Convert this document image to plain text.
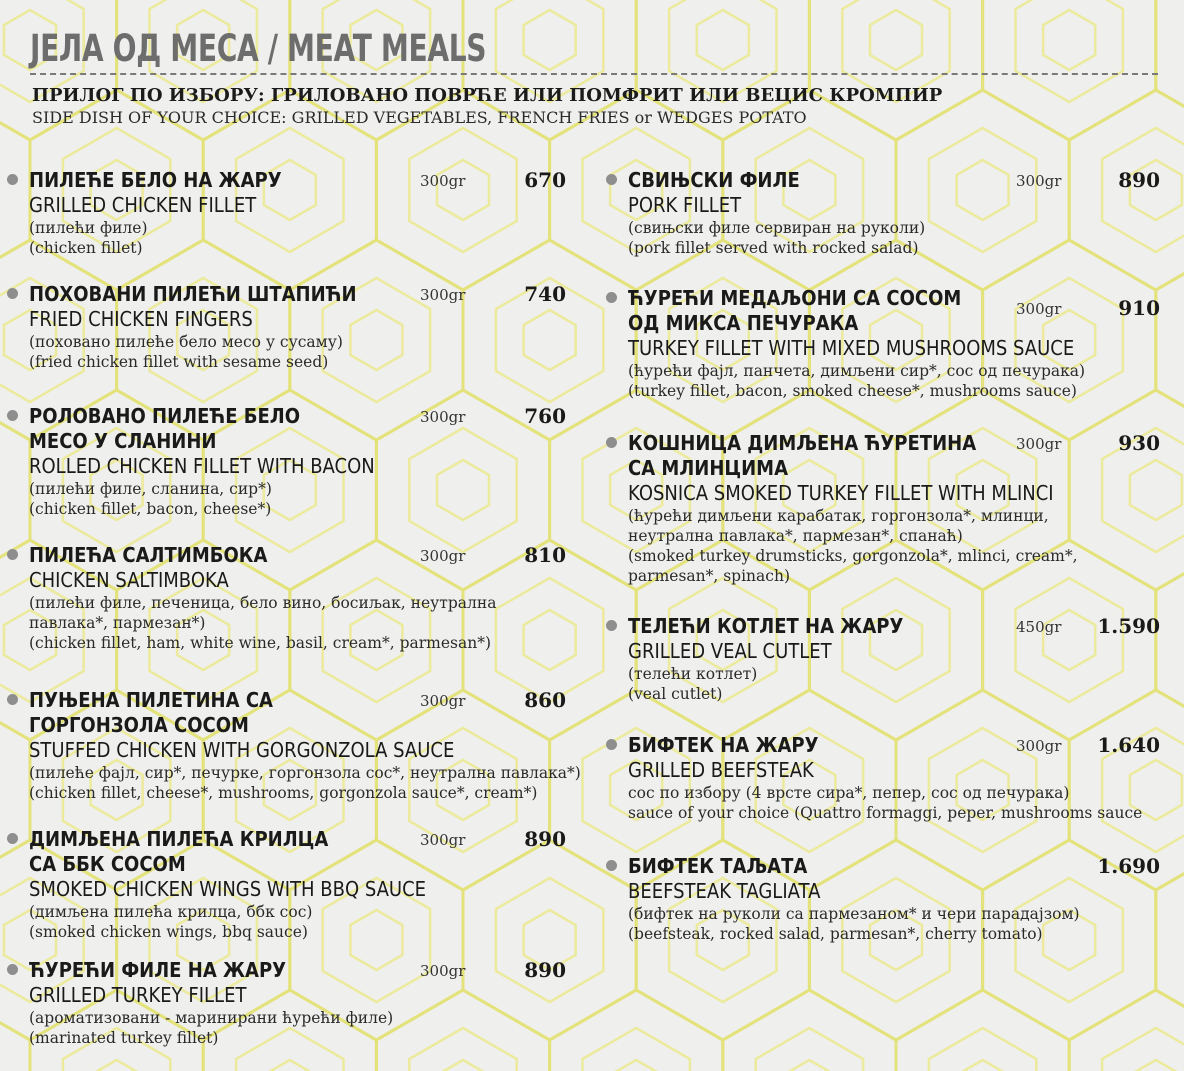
ЈЕЛА ОД МЕСА / MEAT MEALS
ПРИЛОГ ПО ИЗБОРУ: ГРИЛОВАНО ПОВРЋЕ ИЛИ ПОМФРИТ ИЛИ ВЕЦИС КРОМПИР
SIDE DISH OF YOUR CHOICE: GRILLED VEGETABLES, FRENCH FRIES or WEDGES POTATO
ПИЛЕЋЕ БЕЛО НА ЖАРУ
GRILLED CHICKEN FILLET
(пилећи филе)
(chicken fillet)
300gr	670
ПОХОВАНИ ПИЛЕЋИ ШТАПИЋИ
FRIED CHICKEN FINGERS
(поховано пилеће бело месо у сусаму)
(fried chicken fillet with sesame seed)
300gr	740
РОЛОВАНО ПИЛЕЋЕ БЕЛО
МЕСО У СЛАНИНИ
ROLLED CHICKEN FILLET WITH BACON
(пилећи филе, сланина, сир*)
(chicken fillet, bacon, cheese*)
300gr	760
ПИЛЕЋА САЛТИМБОКА
CHICKEN SALTIMBOKA
(пилећи филе, печеница, бело вино, босиљак, неутрална
павлака*, пармезан*)
(chicken fillet, ham, white wine, basil, cream*, parmesan*)
300gr	810
ПУЊЕНА ПИЛЕТИНА СА
ГОРГОНЗОЛА СОСОМ
STUFFED CHICKEN WITH GORGONZOLA SAUCE
(пилеће фајл, сир*, печурке, горгонзола сос*, неутрална павлака*)
(chicken fillet, cheese*, mushrooms, gorgonzola sauce*, cream*)
300gr	860
ДИМЉЕНА ПИЛЕЋА КРИЛЦА
СА ББК СОСОМ
SMOKED CHICKEN WINGS WITH BBQ SAUCE
(димљена пилећа крилца, ббк сос)
(smoked chicken wings, bbq sauce)
300gr	890
ЋУРЕЋИ ФИЛЕ НА ЖАРУ
GRILLED TURKEY FILLET
(ароматизовани - маринирани ћурећи филе)
(marinated turkey fillet)
300gr	890
СВИЊСКИ ФИЛЕ
PORK FILLET
(свињски филе сервиран на руколи)
(pork fillet served with rocked salad)
300gr	890
ЋУРЕЋИ МЕДАЉОНИ СА СОСОМ
ОД МИКСА ПЕЧУРАКА
TURKEY FILLET WITH MIXED MUSHROOMS SAUCE
(ћурећи фајл, панчета, димљени сир*, сос од печурака)
(turkey fillet, bacon, smoked cheese*, mushrooms sauce)
300gr	910
КОШНИЦА ДИМЉЕНА ЋУРЕТИНА
СА МЛИНЦИМА
KOSNICA SMOKED TURKEY FILLET WITH MLINCI
(ћурећи димљени карабатак, горгонзола*, млинци,
неутрална павлака*, пармезан*, спанаћ)
(smoked turkey drumsticks, gorgonzola*, mlinci, cream*,
parmesan*, spinach)
300gr	930
ТЕЛЕЋИ КОТЛЕТ НА ЖАРУ
GRILLED VEAL CUTLET
(телећи котлет)
(veal cutlet)
450gr	1.590
БИФТЕК НА ЖАРУ
GRILLED BEEFSTEAK
сос по избору (4 врсте сира*, пепер, сос од печурака)
sauce of your choice (Quattro formaggi, peper, mushrooms sauce
300gr	1.640
БИФТЕК ТАЉАТА
BEEFSTEAK TAGLIATA
(бифтек на руколи са пармезаном* и чери парадајзом)
(beefsteak, rocked salad, parmesan*, cherry tomato)
1.690
